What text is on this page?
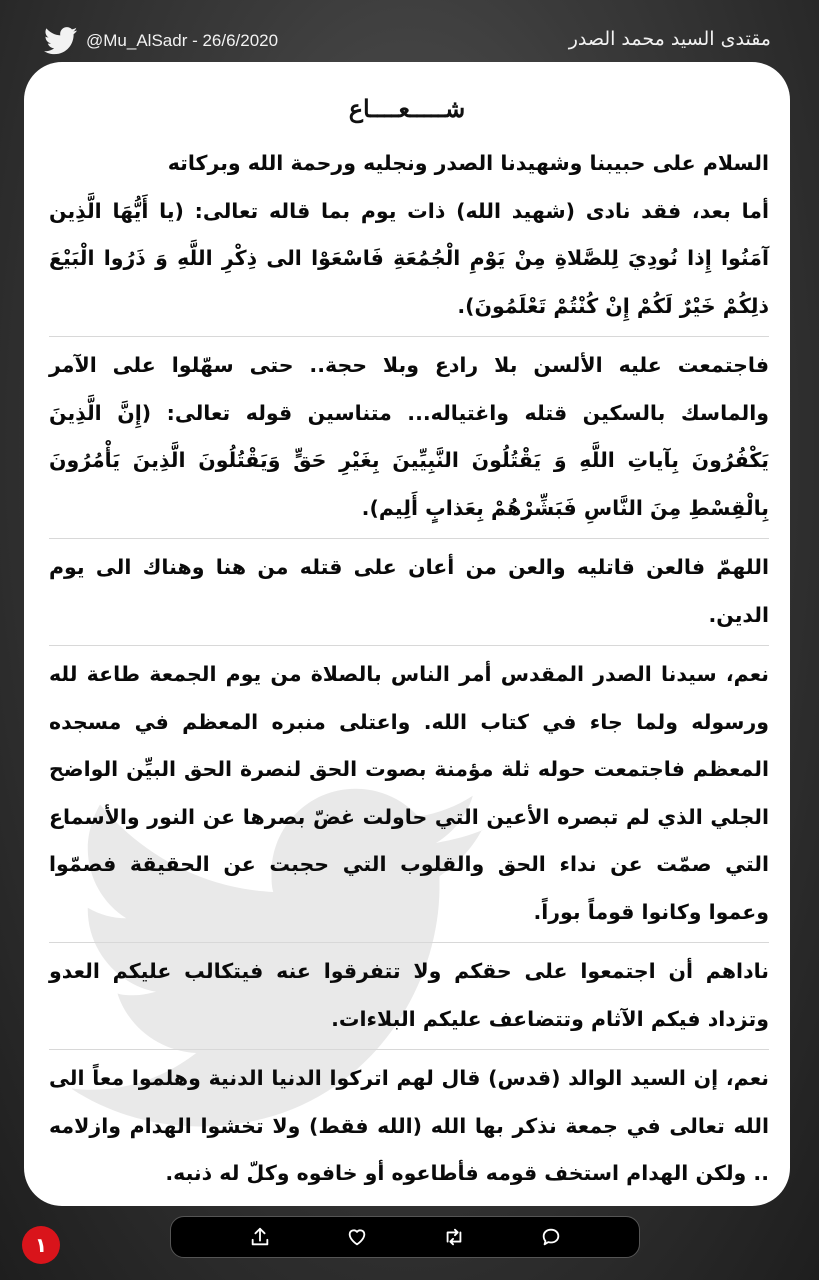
@Mu_AlSadr - 26/6/2020	مقتدى السيد محمد الصدر
شـــــعــــاع

السلام على حبيبنا وشهيدنا الصدر ونجليه ورحمة الله وبركاته

أما بعد، فقد نادى (شهيد الله) ذات يوم بما قاله تعالى: (يا أَيُّهَا الَّذِين آمَنُوا إِذا نُودِيَ لِلصَّلاةِ مِنْ يَوْمِ الْجُمُعَةِ فَاسْعَوْا الى ذِكْرِ اللَّهِ وَ ذَرُوا الْبَيْعَ ذلِكُمْ خَيْرٌ لَكُمْ إِنْ كُنْتُمْ تَعْلَمُونَ).

فاجتمعت عليه الألسن بلا رادع وبلا حجة.. حتى سهّلوا على الآمر والماسك بالسكين قتله واغتياله... متناسين قوله تعالى: (إِنَّ الَّذِينَ يَكْفُرُونَ بِآياتِ اللَّهِ وَ يَقْتُلُونَ النَّبِيِّينَ بِغَيْرِ حَقٍّ وَيَقْتُلُونَ الَّذِينَ يَأْمُرُونَ بِالْقِسْطِ مِنَ النَّاسِ فَبَشِّرْهُمْ بِعَذابٍ أَلِيم).

اللهمّ فالعن قاتليه والعن من أعان على قتله من هنا وهناك الى يوم الدين.

نعم، سيدنا الصدر المقدس أمر الناس بالصلاة من يوم الجمعة طاعة لله ورسوله ولما جاء في كتاب الله. واعتلى منبره المعظم في مسجده المعظم فاجتمعت حوله ثلة مؤمنة بصوت الحق لنصرة الحق البيِّن الواضح الجلي الذي لم تبصره الأعين التي حاولت غضّ بصرها عن النور والأسماع التي صمّت عن نداء الحق والقلوب التي حجبت عن الحقيقة فصمّوا وعموا وكانوا قوماً بوراً.

ناداهم أن اجتمعوا على حقكم ولا تتفرقوا عنه فيتكالب عليكم العدو وتزداد فيكم الآثام وتتضاعف عليكم البلاءات.

نعم، إن السيد الوالد (قدس) قال لهم اتركوا الدنيا الدنية وهلموا معاً الى الله تعالى في جمعة نذكر بها الله (الله فقط) ولا تخشوا الهدام وازلامه .. ولكن الهدام استخف قومه فأطاعوه أو خافوه وكلّ له ذنبه.

١
